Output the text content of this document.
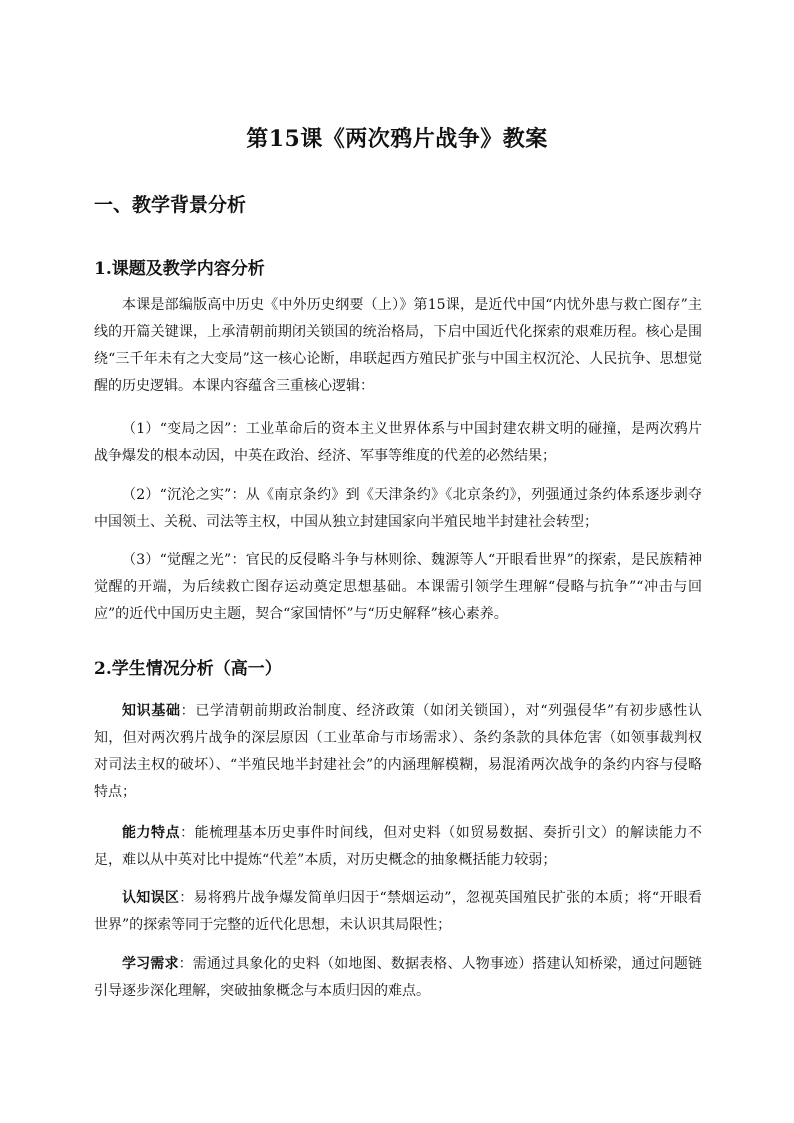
第15课《两次鸦片战争》教案
一、教学背景分析
1.课题及教学内容分析

本课是部编版高中历史《中外历史纲要（上）》第15课，是近代中国“内忧外患与救亡图存”主线的开篇关键课，上承清朝前期闭关锁国的统治格局，下启中国近代化探索的艰难历程。核心是围绕“三千年未有之大变局”这一核心论断，串联起西方殖民扩张与中国主权沉沦、人民抗争、思想觉醒的历史逻辑。本课内容蕴含三重核心逻辑：

（1）“变局之因”：工业革命后的资本主义世界体系与中国封建农耕文明的碰撞，是两次鸦片战争爆发的根本动因，中英在政治、经济、军事等维度的代差的必然结果；

（2）“沉沦之实”：从《南京条约》到《天津条约》《北京条约》，列强通过条约体系逐步剥夺中国领土、关税、司法等主权，中国从独立封建国家向半殖民地半封建社会转型；

（3）“觉醒之光”：官民的反侵略斗争与林则徐、魏源等人“开眼看世界”的探索，是民族精神觉醒的开端，为后续救亡图存运动奠定思想基础。本课需引领学生理解“侵略与抗争”“冲击与回应”的近代中国历史主题，契合“家国情怀”与“历史解释”核心素养。

2.学生情况分析（高一）

知识基础：已学清朝前期政治制度、经济政策（如闭关锁国），对“列强侵华”有初步感性认知，但对两次鸦片战争的深层原因（工业革命与市场需求）、条约条款的具体危害（如领事裁判权对司法主权的破坏）、“半殖民地半封建社会”的内涵理解模糊，易混淆两次战争的条约内容与侵略特点；

能力特点：能梳理基本历史事件时间线，但对史料（如贸易数据、奏折引文）的解读能力不足，难以从中英对比中提炼“代差”本质，对历史概念的抽象概括能力较弱；

认知误区：易将鸦片战争爆发简单归因于“禁烟运动”，忽视英国殖民扩张的本质；将“开眼看世界”的探索等同于完整的近代化思想，未认识其局限性；

学习需求：需通过具象化的史料（如地图、数据表格、人物事迹）搭建认知桥梁，通过问题链引导逐步深化理解，突破抽象概念与本质归因的难点。
